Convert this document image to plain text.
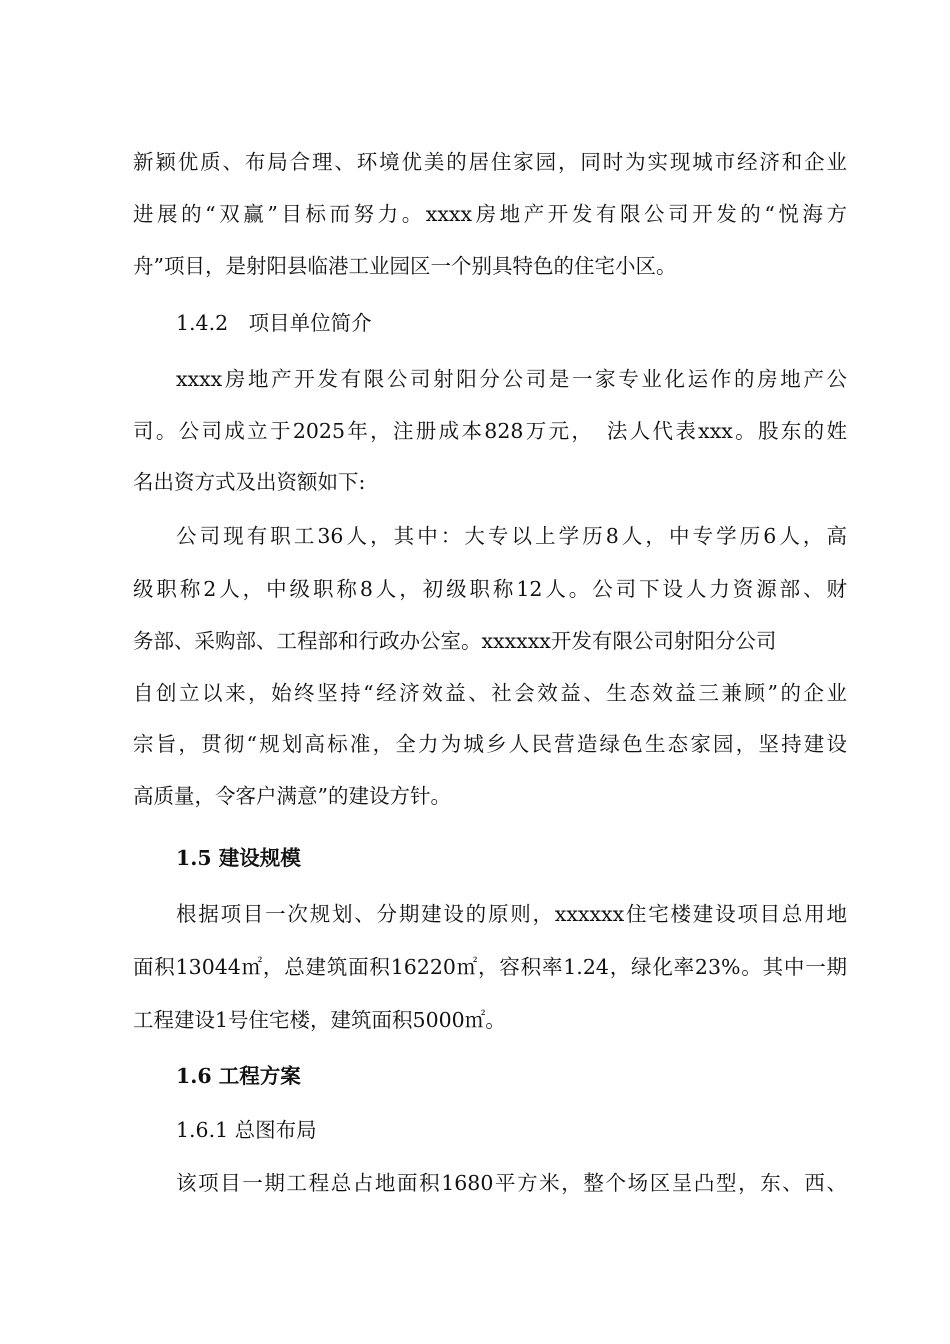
新颖优质、布局合理、环境优美的居住家园，同时为实现城市经济和企业
进展的“双赢”目标而努力。xxxx房地产开发有限公司开发的“悦海方
舟”项目，是射阳县临港工业园区一个别具特色的住宅小区。
1.4.2　项目单位简介
xxxx房地产开发有限公司射阳分公司是一家专业化运作的房地产公
司。公司成立于2025年，注册成本828万元，　法人代表xxx。股东的姓
名出资方式及出资额如下:
公司现有职工36人，其中：大专以上学历8人，中专学历6人，高
级职称2人，中级职称8人，初级职称12人。公司下设人力资源部、财
务部、采购部、工程部和行政办公室。xxxxxx开发有限公司射阳分公司
自创立以来，始终坚持“经济效益、社会效益、生态效益三兼顾”的企业
宗旨，贯彻“规划高标准，全力为城乡人民营造绿色生态家园，坚持建设
高质量，令客户满意”的建设方针。
1.5 建设规模
根据项目一次规划、分期建设的原则，xxxxxx住宅楼建设项目总用地
面积13044㎡，总建筑面积16220㎡，容积率1.24，绿化率23%。其中一期
工程建设1号住宅楼，建筑面积5000㎡。
1.6 工程方案
1.6.1 总图布局
该项目一期工程总占地面积1680平方米，整个场区呈凸型，东、西、
